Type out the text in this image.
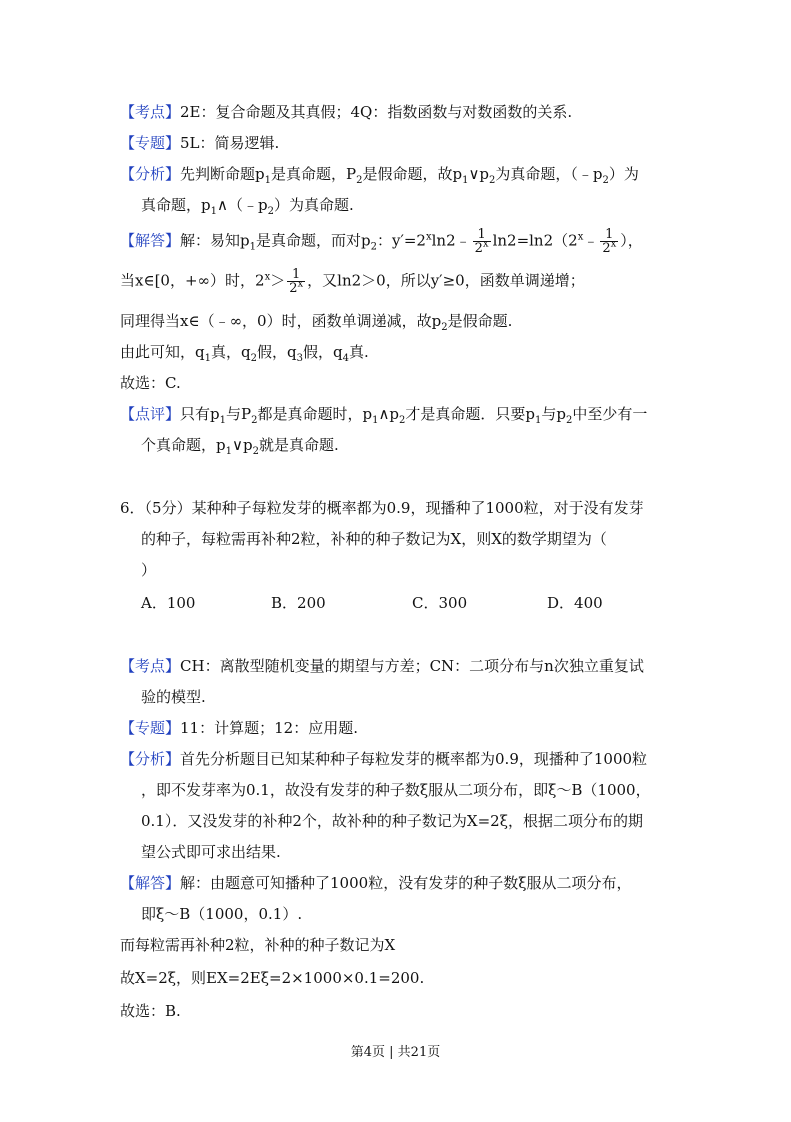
【考点】2E：复合命题及其真假；4Q：指数函数与对数函数的关系.
【专题】5L：简易逻辑.
【分析】先判断命题$p_1$是真命题，$P_2$是假命题，故$p_1\vee p_2$为真命题，$(﹣p_2)$为
真命题，$p_1\wedge(﹣p_2)$为真命题.
【解答】解：易知$p_1$是真命题，而对$p_2$：$y'=2^x\ln 2﹣ \frac{1}{2^x}$ $\ln 2=\ln 2(2^x﹣ \frac{1}{2^x}$ ），
当x∈[0，+∞）时，$2^x> \frac{1}{2^x}$ ，又ln2＞0，所以y′≥0，函数单调递增；
同理得当x∈（﹣∞，0）时，函数单调递减，故$p_2$是假命题.
由此可知，$q_1$真，$q_2$假，$q_3$假，$q_4$真.
故选：C.
【点评】只有$p_1$与$P_2$都是真命题时，$p_1\wedge p_2$才是真命题．只要$p_1$与$p_2$中至少有一
个真命题，$p_1\vee p_2$就是真命题.
6．（5分）某种种子每粒发芽的概率都为0.9，现播种了1000粒，对于没有发芽
的种子，每粒需再补种2粒，补种的种子数记为X，则X的数学期望为（
）
A．100	B．200	C．300	D．400
【考点】CH：离散型随机变量的期望与方差；CN：二项分布与n次独立重复试
验的模型.
【专题】11：计算题；12：应用题.
【分析】首先分析题目已知某种种子每粒发芽的概率都为0.9，现播种了1000粒
，即不发芽率为0.1，故没有发芽的种子数ξ服从二项分布，即ξ～B（1000，
0.1）．又没发芽的补种2个，故补种的种子数记为X=2ξ，根据二项分布的期
望公式即可求出结果.
【解答】解：由题意可知播种了1000粒，没有发芽的种子数ξ服从二项分布，
即ξ～B（1000，0.1）.
而每粒需再补种2粒，补种的种子数记为X
故X=2ξ，则EX=2Eξ=2×1000×0.1=200.
故选：B.
第4页 | 共21页
